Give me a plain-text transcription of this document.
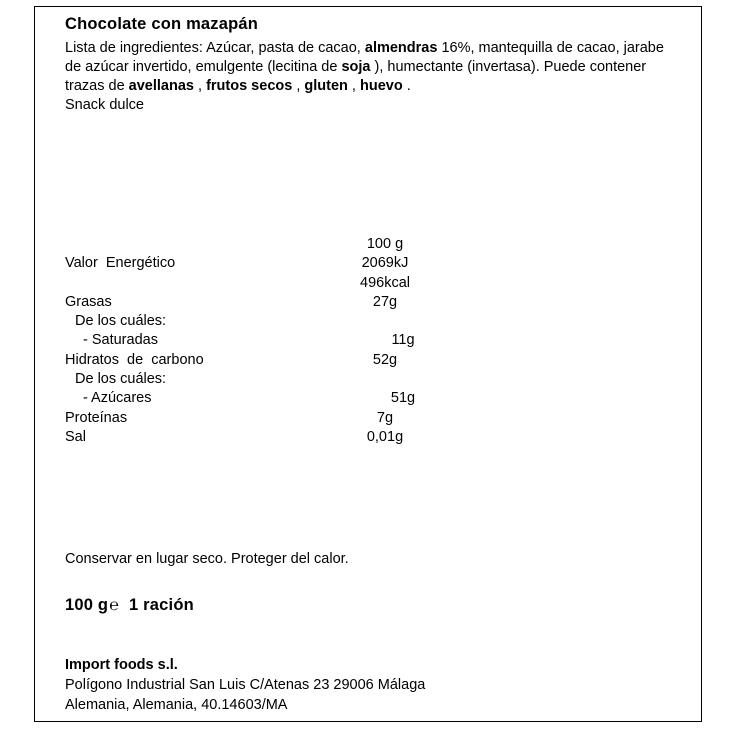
Chocolate con mazapán

Lista de ingredientes: Azúcar, pasta de cacao, almendras 16%, mantequilla de cacao, jarabe de azúcar invertido, emulgente (lecitina de soja ), humectante (invertasa). Puede contener trazas de avellanas , frutos secos , gluten , huevo .

Snack dulce

100 g
Valor  Energético	2069kJ
496kcal
Grasas	27g
De los cuáles:
- Saturadas	11g
Hidratos  de  carbono	52g
De los cuáles:
- Azúcares	51g
Proteínas	7g
Sal	0,01g
Conservar en lugar seco. Proteger del calor.
100 g ℮ 1 ración
Import foods s.l.
Polígono Industrial San Luis C/Atenas 23 29006 Málaga
Alemania, Alemania, 40.14603/MA
